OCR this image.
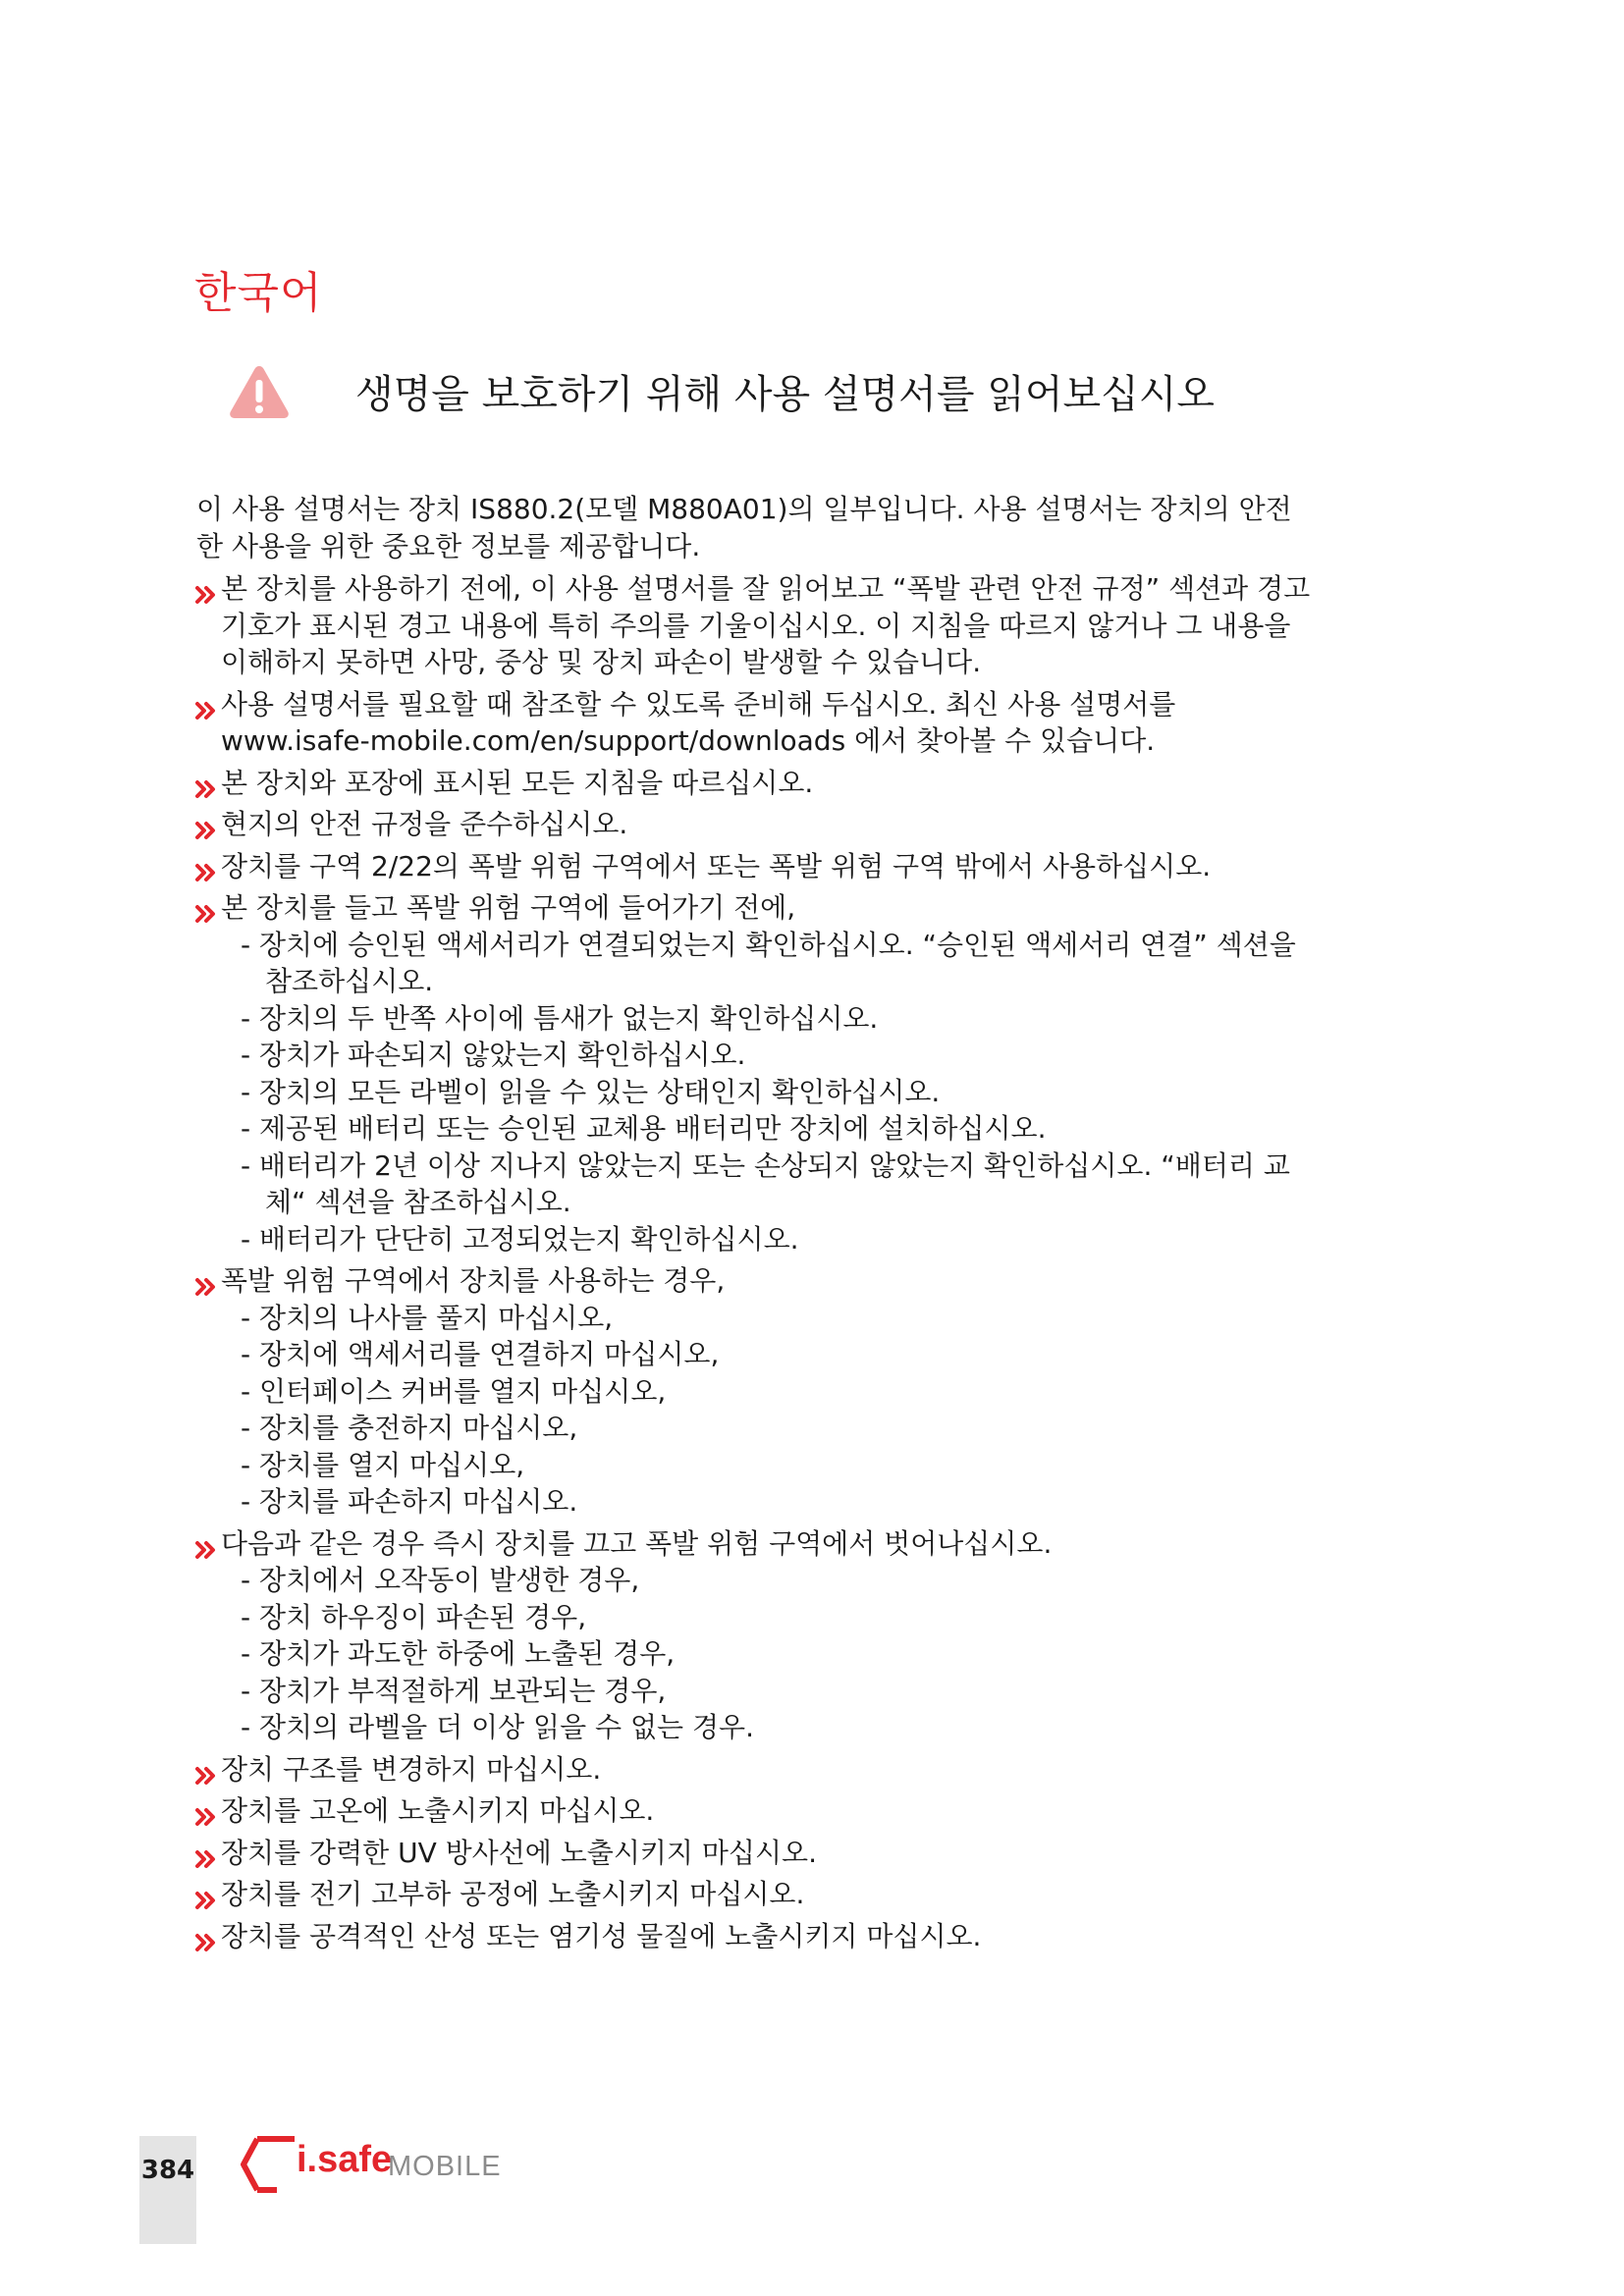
한국어
생명을 보호하기 위해 사용 설명서를 읽어보십시오
이 사용 설명서는 장치 IS880.2(모델 M880A01)의 일부입니다. 사용 설명서는 장치의 안전
한 사용을 위한 중요한 정보를 제공합니다.
본 장치를 사용하기 전에, 이 사용 설명서를 잘 읽어보고 “폭발 관련 안전 규정” 섹션과 경고
기호가 표시된 경고 내용에 특히 주의를 기울이십시오. 이 지침을 따르지 않거나 그 내용을
이해하지 못하면 사망, 중상 및 장치 파손이 발생할 수 있습니다.
사용 설명서를 필요할 때 참조할 수 있도록 준비해 두십시오. 최신 사용 설명서를
www.isafe-mobile.com/en/support/downloads 에서 찾아볼 수 있습니다.
본 장치와 포장에 표시된 모든 지침을 따르십시오.
현지의 안전 규정을 준수하십시오.
장치를 구역 2/22의 폭발 위험 구역에서 또는 폭발 위험 구역 밖에서 사용하십시오.
본 장치를 들고 폭발 위험 구역에 들어가기 전에,
- 장치에 승인된 액세서리가 연결되었는지 확인하십시오. “승인된 액세서리 연결” 섹션을
참조하십시오.
- 장치의 두 반쪽 사이에 틈새가 없는지 확인하십시오.
- 장치가 파손되지 않았는지 확인하십시오.
- 장치의 모든 라벨이 읽을 수 있는 상태인지 확인하십시오.
- 제공된 배터리 또는 승인된 교체용 배터리만 장치에 설치하십시오.
- 배터리가 2년 이상 지나지 않았는지 또는 손상되지 않았는지 확인하십시오. “배터리 교
체“ 섹션을 참조하십시오.
- 배터리가 단단히 고정되었는지 확인하십시오.
폭발 위험 구역에서 장치를 사용하는 경우,
- 장치의 나사를 풀지 마십시오,
- 장치에 액세서리를 연결하지 마십시오,
- 인터페이스 커버를 열지 마십시오,
- 장치를 충전하지 마십시오,
- 장치를 열지 마십시오,
- 장치를 파손하지 마십시오.
다음과 같은 경우 즉시 장치를 끄고 폭발 위험 구역에서 벗어나십시오.
- 장치에서 오작동이 발생한 경우,
- 장치 하우징이 파손된 경우,
- 장치가 과도한 하중에 노출된 경우,
- 장치가 부적절하게 보관되는 경우,
- 장치의 라벨을 더 이상 읽을 수 없는 경우.
장치 구조를 변경하지 마십시오.
장치를 고온에 노출시키지 마십시오.
장치를 강력한 UV 방사선에 노출시키지 마십시오.
장치를 전기 고부하 공정에 노출시키지 마십시오.
장치를 공격적인 산성 또는 염기성 물질에 노출시키지 마십시오.
384	i.safe
MOBILE
